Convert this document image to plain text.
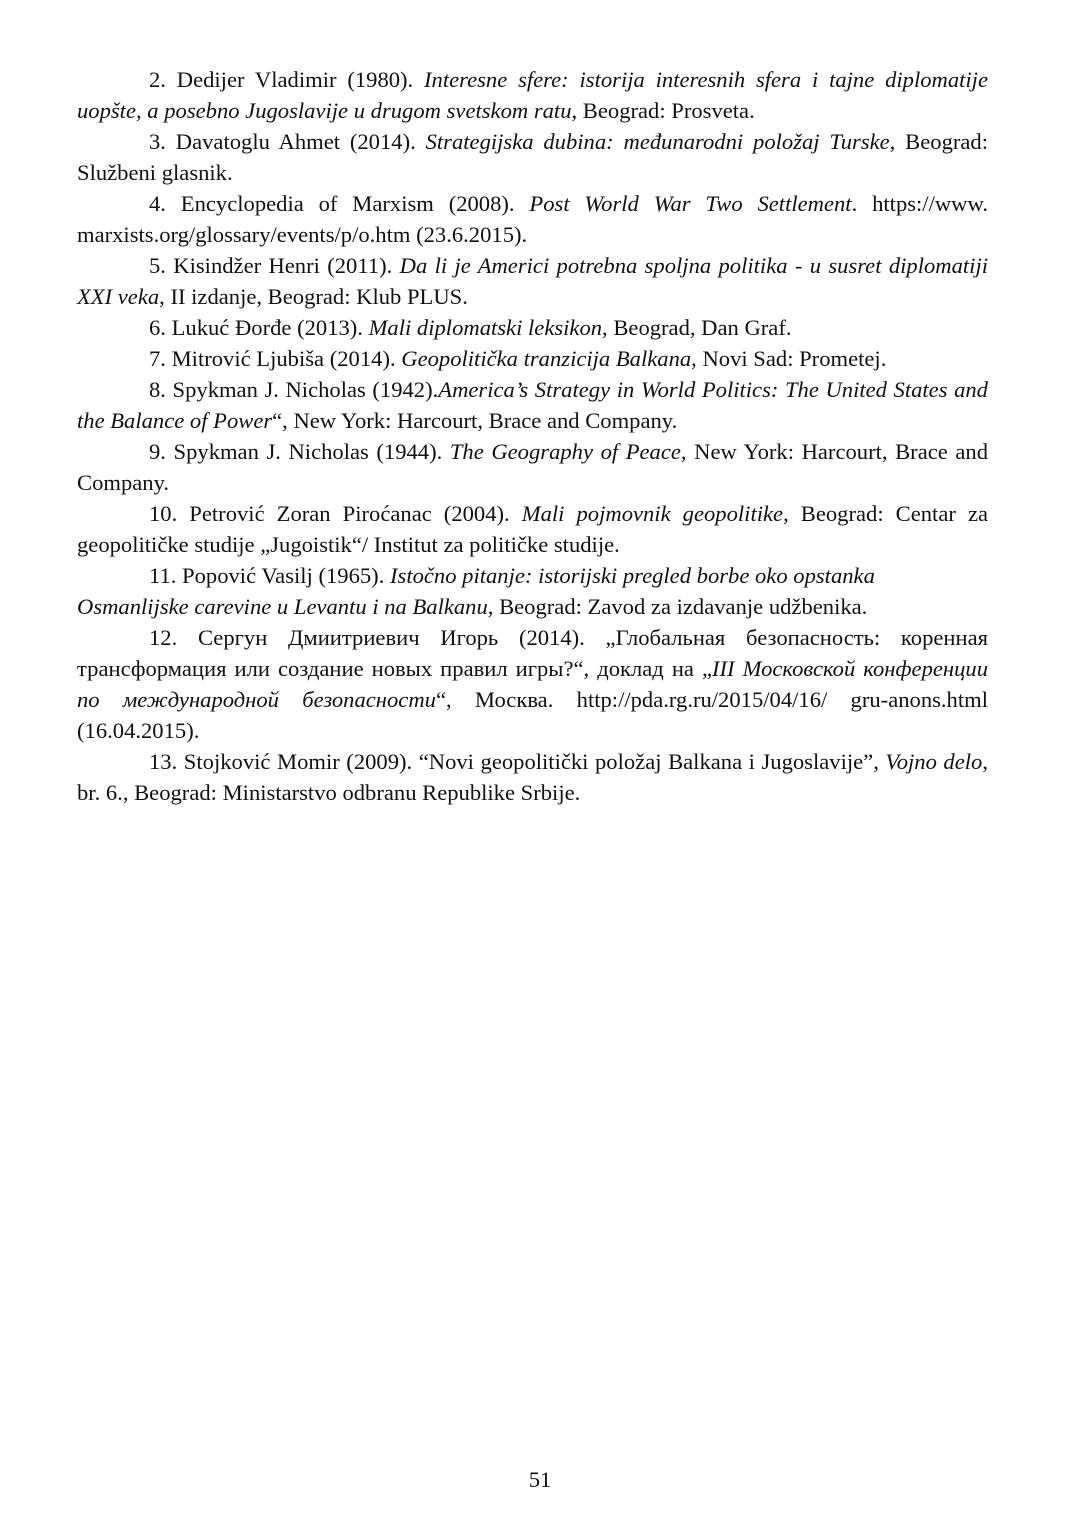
2. Dedijer Vladimir (1980). Interesne sfere: istorija interesnih sfera i tajne diplomatije uopšte, a posebno Jugoslavije u drugom svetskom ratu, Beograd: Prosveta.

3. Davatoglu Ahmet (2014). Strategijska dubina: međunarodni položaj Turske, Beograd: Službeni glasnik.

4. Encyclopedia of Marxism (2008). Post World War Two Settlement. https://www. marxists.org/glossary/events/p/o.htm (23.6.2015).

5. Kisindžer Henri (2011). Da li je Americi potrebna spoljna politika - u susret diplomatiji XXI veka, II izdanje, Beograd: Klub PLUS.

6. Lukuć Đorđe (2013). Mali diplomatski leksikon, Beograd, Dan Graf.

7. Mitrović Ljubiša (2014). Geopolitička tranzicija Balkana, Novi Sad: Prometej.

8. Spykman J. Nicholas (1942).America’s Strategy in World Politics: The United States and the Balance of Power“, New York: Harcourt, Brace and Company.

9. Spykman J. Nicholas (1944). The Geography of Peace, New York: Harcourt, Brace and Company.

10. Petrović Zoran Piroćanac (2004). Mali pojmovnik geopolitike, Beograd: Centar za geopolitičke studije „Jugoistik“/ Institut za političke studije.

11. Popović Vasilj (1965). Istočno pitanje: istorijski pregled borbe oko opstanka Osmanlijske carevine u Levantu i na Balkanu, Beograd: Zavod za izdavanje udžbenika.

12. Сергун Дмиитриевич Игорь (2014). „Глобальная безопасность: коренная трансформация или создание новых правил игры?“, доклад на „III Московской конференции по международной безопасности“, Москва. http://pda.rg.ru/2015/04/16/ gru-anons.html (16.04.2015).

13. Stojković Momir (2009). “Novi geopolitički položaj Balkana i Jugoslavije”, Vojno delo, br. 6., Beograd: Ministarstvo odbranu Republike Srbije.

51
